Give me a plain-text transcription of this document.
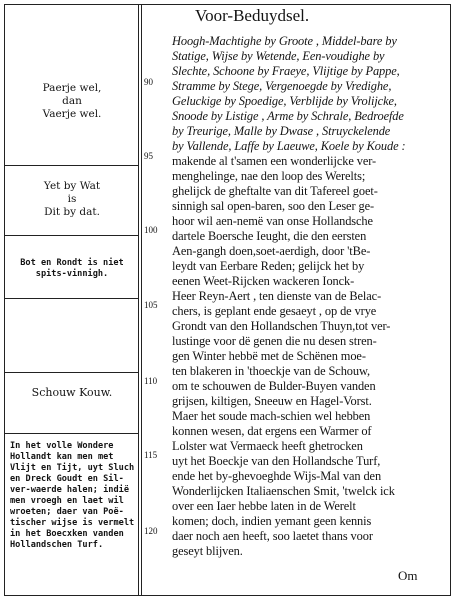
Voor-Beduydsel.
Paerje wel,
dan
Vaerje wel.
Yet by Wat
is
Dit by dat.
Bot en Rondt is niet
spits-vinnigh.
Schouw Kouw.
In het volle Wondere
Hollandt kan men met
Vlijt en Tijt, uyt Sluch
en Dreck Goudt en Sil-
ver-waerde halen; indië
men vroegh en laet wil
wroeten; daer van Poë-
tischer wijse is vermelt
in het Boecxken vanden
Hollandschen Turf.
90
95
100
105
110
115
120
Hoogh-Machtighe by Groote , Middel-bare by
Statige, Wijse by Wetende, Een-voudighe by
Slechte, Schoone by Fraeye, Vlijtige by Pappe,
Stramme by Stege, Vergenoegde by Vredighe,
Geluckige by Spoedige, Verblijde by Vrolijcke,
Snoode by Listige , Arme by Schrale, Bedroefde
by Treurige, Malle by Dwase , Struyckelende
by Vallende, Laffe by Laeuwe, Koele by Koude :
makende al t'samen een wonderlijcke ver-
menghelinge, nae den loop des Werelts;
ghelijck de gheftalte van dit Tafereel goet-
sinnigh sal open-baren, soo den Leser ge-
hoor wil aen-nemë van onse Hollandsche
dartele Boersche Ieught, die den eersten
Aen-gangh doen,soet-aerdigh, door 'tBe-
leydt van Eerbare Reden; gelijck het by
eenen Weet-Rijcken wackeren Ionck-
Heer Reyn-Aert , ten dienste van de Belac-
chers, is geplant ende gesaeyt , op de vrye
Grondt van den Hollandschen Thuyn,tot ver-
lustinge voor dë genen die nu desen stren-
gen Winter hebbë met de Schënen moe-
ten blakeren in 'thoeckje van de Schouw,
om te schouwen de Bulder-Buyen vanden
grijsen, kiltigen, Sneeuw en Hagel-Vorst.
Maer het soude mach-schien wel hebben
konnen wesen, dat ergens een Warmer of
Lolster wat Vermaeck heeft ghetrocken
uyt het Boeckje van den Hollandsche Turf,
ende het by-ghevoeghde Wijs-Mal van den
Wonderlijcken Italiaenschen Smit, 'twelck ick
over een Iaer hebbe laten in de Werelt
komen; doch, indien yemant geen kennis
daer noch aen heeft, soo laetet thans voor
geseyt blijven.
Om
